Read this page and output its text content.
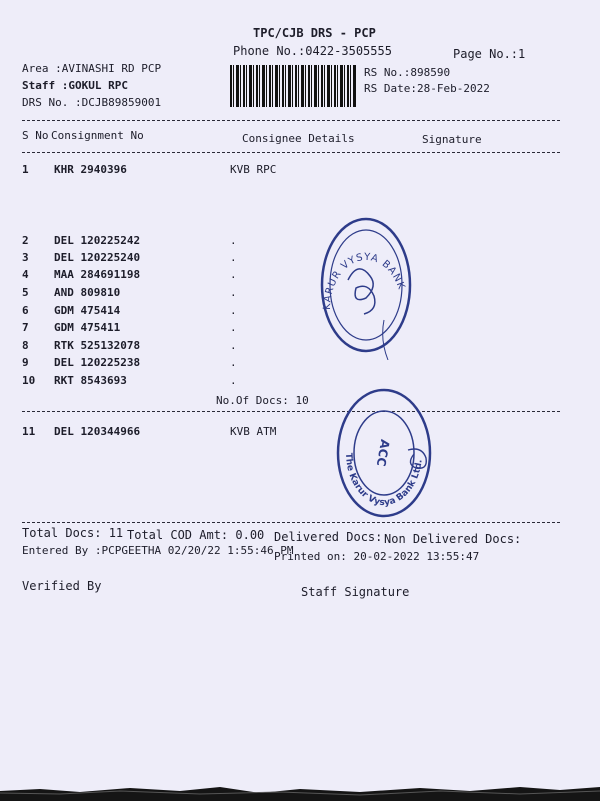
TPC/CJB DRS - PCP
Phone No.:0422-3505555	Page No.:1
Area :AVINASHI RD PCP
Staff :GOKUL RPC
DRS No. :DCJB89859001
RS No.:898590
RS Date:28-Feb-2022
S No Consignment No	Consignee Details	Signature
1 KHR 2940396	KVB RPC
2 DEL 120225242	.
3 DEL 120225240	.
4 MAA 284691198	.
5 AND 809810	.
6 GDM 475414	.
7 GDM 475411	.
8 RTK 525132078	.
9 DEL 120225238	.
10 RKT 8543693	.
No.Of Docs: 10
11 DEL 120344966	KVB ATM
KARUR VYSYA BANK
The Karur Vysya Bank Ltd.
ACC
Total Docs: 11 Total COD Amt: 0.00 Delivered Docs: Non Delivered Docs:
Entered By :PCPGEETHA 02/20/22 1:55:46 PM
Printed on: 20-02-2022 13:55:47
Verified By	Staff Signature
